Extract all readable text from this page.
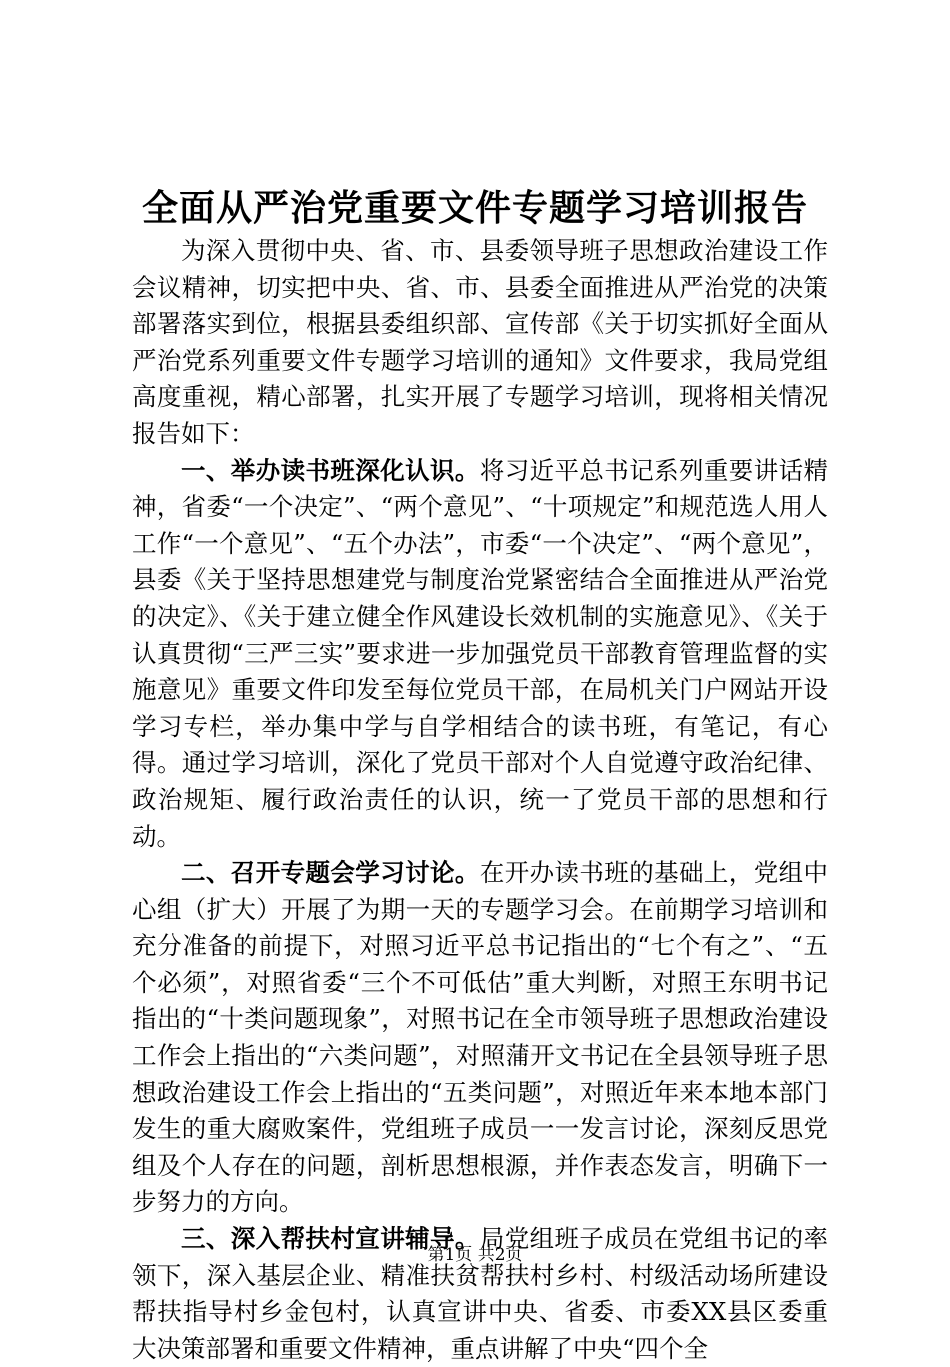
全面从严治党重要文件专题学习培训报告

为深入贯彻中央、省、市、县委领导班子思想政治建设工作会议精神，切实把中央、省、市、县委全面推进从严治党的决策部署落实到位，根据县委组织部、宣传部《关于切实抓好全面从严治党系列重要文件专题学习培训的通知》文件要求，我局党组高度重视，精心部署，扎实开展了专题学习培训，现将相关情况报告如下：

一、举办读书班深化认识。将习近平总书记系列重要讲话精神，省委“一个决定”、“两个意见”、“十项规定”和规范选人用人工作“一个意见”、“五个办法”，市委“一个决定”、“两个意见”，县委《关于坚持思想建党与制度治党紧密结合全面推进从严治党的决定》、《关于建立健全作风建设长效机制的实施意见》、《关于认真贯彻“三严三实”要求进一步加强党员干部教育管理监督的实施意见》重要文件印发至每位党员干部，在局机关门户网站开设学习专栏，举办集中学与自学相结合的读书班，有笔记，有心得。通过学习培训，深化了党员干部对个人自觉遵守政治纪律、政治规矩、履行政治责任的认识，统一了党员干部的思想和行动。

二、召开专题会学习讨论。在开办读书班的基础上，党组中心组（扩大）开展了为期一天的专题学习会。在前期学习培训和充分准备的前提下，对照习近平总书记指出的“七个有之”、“五个必须”，对照省委“三个不可低估”重大判断，对照王东明书记指出的“十类问题现象”，对照书记在全市领导班子思想政治建设工作会上指出的“六类问题”，对照蒲开文书记在全县领导班子思想政治建设工作会上指出的“五类问题”，对照近年来本地本部门发生的重大腐败案件，党组班子成员一一发言讨论，深刻反思党组及个人存在的问题，剖析思想根源，并作表态发言，明确下一步努力的方向。

三、深入帮扶村宣讲辅导。局党组班子成员在党组书记的率领下，深入基层企业、精准扶贫帮扶村乡村、村级活动场所建设帮扶指导村乡金包村，认真宣讲中央、省委、市委XX县区委重大决策部署和重要文件精神，重点讲解了中央“四个全

第1页 共2页
